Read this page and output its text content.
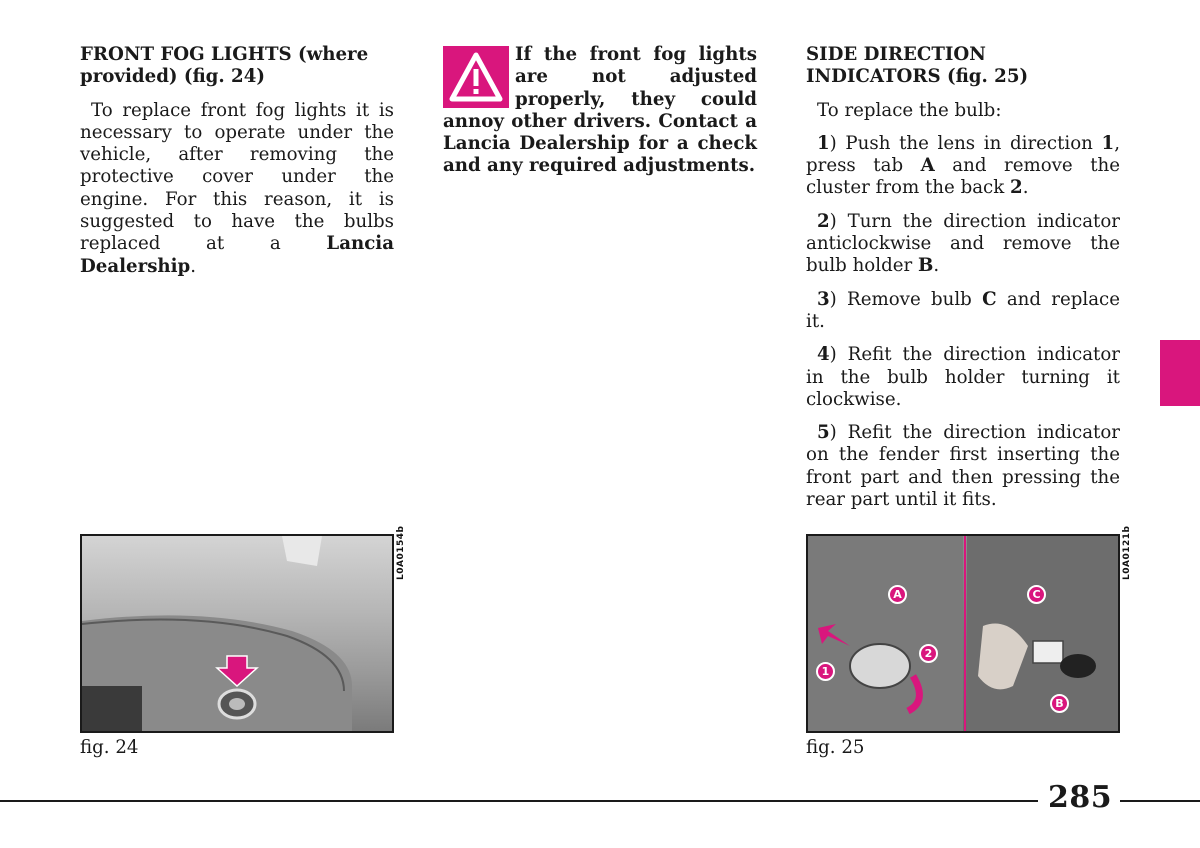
FRONT FOG LIGHTS (where provided) (fig. 24)

To replace front fog lights it is necessary to operate under the vehicle, after removing the protective cover under the engine. For this reason, it is suggested to have the bulbs replaced at a Lancia Dealership.

If the front fog lights are not adjusted properly, they could annoy other drivers. Contact a Lancia Dealership for a check and any required adjustments.
SIDE DIRECTION INDICATORS (fig. 25)

To replace the bulb:

1) Push the lens in direction 1, press tab A and remove the cluster from the back 2.

2) Turn the direction indicator anticlockwise and remove the bulb holder B.

3) Remove bulb C and replace it.

4) Refit the direction indicator in the bulb holder turning it clockwise.

5) Refit the direction indicator on the fender first inserting the front part and then pressing the rear part until it fits.

L0A0154b
fig. 24
A
1
2
C
B
L0A0121b
fig. 25
285
